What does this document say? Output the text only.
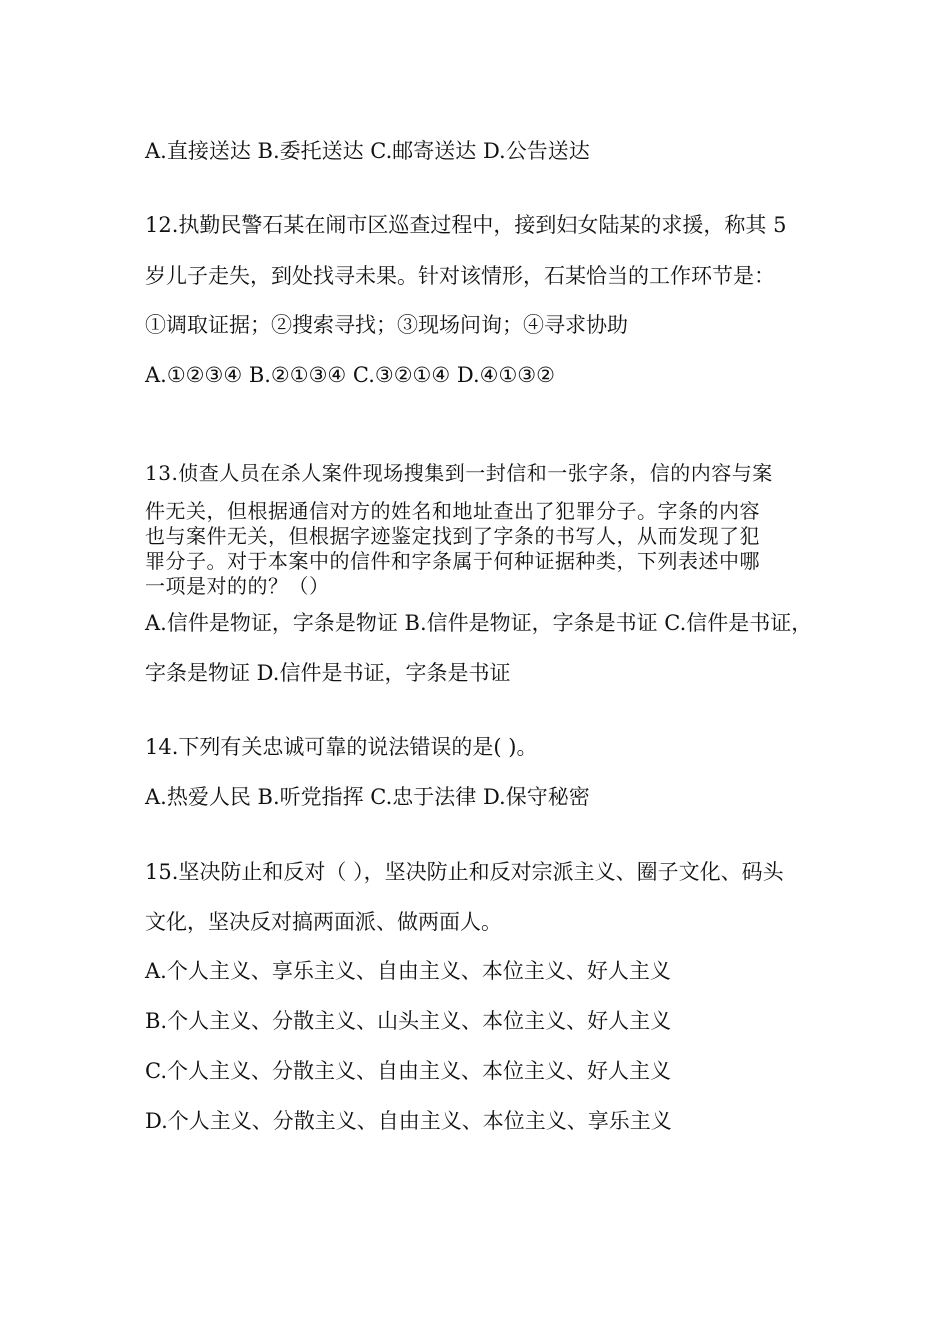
A.直接送达 B.委托送达 C.邮寄送达 D.公告送达
12.执勤民警石某在闹市区巡查过程中，接到妇女陆某的求援，称其 5
岁儿子走失，到处找寻未果。针对该情形，石某恰当的工作环节是：
①调取证据；②搜索寻找；③现场问询；④寻求协助
A.①②③④ B.②①③④ C.③②①④ D.④①③②
13.侦查人员在杀人案件现场搜集到一封信和一张字条，信的内容与案
件无关，但根据通信对方的姓名和地址查出了犯罪分子。字条的内容
也与案件无关，但根据字迹鉴定找到了字条的书写人，从而发现了犯
罪分子。对于本案中的信件和字条属于何种证据种类，下列表述中哪
一项是对的的？（）
A.信件是物证，字条是物证 B.信件是物证，字条是书证 C.信件是书证，
字条是物证 D.信件是书证，字条是书证
14.下列有关忠诚可靠的说法错误的是( )。
A.热爱人民 B.听党指挥 C.忠于法律 D.保守秘密
15.坚决防止和反对（ ），坚决防止和反对宗派主义、圈子文化、码头
文化，坚决反对搞两面派、做两面人。
A.个人主义、享乐主义、自由主义、本位主义、好人主义
B.个人主义、分散主义、山头主义、本位主义、好人主义
C.个人主义、分散主义、自由主义、本位主义、好人主义
D.个人主义、分散主义、自由主义、本位主义、享乐主义
